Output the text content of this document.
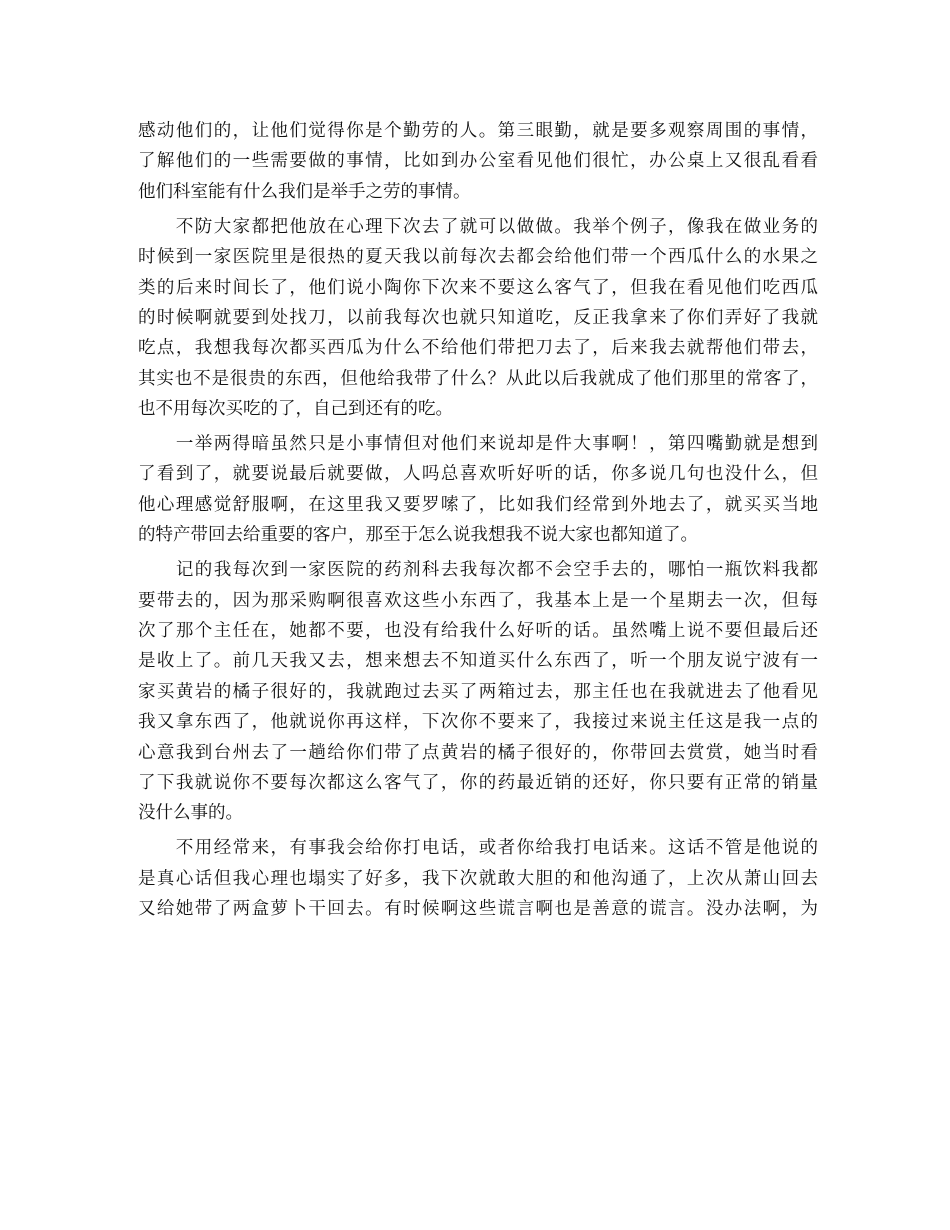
感动他们的，让他们觉得你是个勤劳的人。第三眼勤，就是要多观察周围的事情，
了解他们的一些需要做的事情，比如到办公室看见他们很忙，办公桌上又很乱看看
他们科室能有什么我们是举手之劳的事情。
　　不防大家都把他放在心理下次去了就可以做做。我举个例子，像我在做业务的
时候到一家医院里是很热的夏天我以前每次去都会给他们带一个西瓜什么的水果之
类的后来时间长了，他们说小陶你下次来不要这么客气了，但我在看见他们吃西瓜
的时候啊就要到处找刀，以前我每次也就只知道吃，反正我拿来了你们弄好了我就
吃点，我想我每次都买西瓜为什么不给他们带把刀去了，后来我去就帮他们带去，
其实也不是很贵的东西，但他给我带了什么？从此以后我就成了他们那里的常客了，
也不用每次买吃的了，自己到还有的吃。
　　一举两得暗虽然只是小事情但对他们来说却是件大事啊！，第四嘴勤就是想到
了看到了，就要说最后就要做，人吗总喜欢听好听的话，你多说几句也没什么，但
他心理感觉舒服啊，在这里我又要罗嗦了，比如我们经常到外地去了，就买买当地
的特产带回去给重要的客户，那至于怎么说我想我不说大家也都知道了。
　　记的我每次到一家医院的药剂科去我每次都不会空手去的，哪怕一瓶饮料我都
要带去的，因为那采购啊很喜欢这些小东西了，我基本上是一个星期去一次，但每
次了那个主任在，她都不要，也没有给我什么好听的话。虽然嘴上说不要但最后还
是收上了。前几天我又去，想来想去不知道买什么东西了，听一个朋友说宁波有一
家买黄岩的橘子很好的，我就跑过去买了两箱过去，那主任也在我就进去了他看见
我又拿东西了，他就说你再这样，下次你不要来了，我接过来说主任这是我一点的
心意我到台州去了一趟给你们带了点黄岩的橘子很好的，你带回去赏赏，她当时看
了下我就说你不要每次都这么客气了，你的药最近销的还好，你只要有正常的销量
没什么事的。
　　不用经常来，有事我会给你打电话，或者你给我打电话来。这话不管是他说的
是真心话但我心理也塌实了好多，我下次就敢大胆的和他沟通了，上次从萧山回去
又给她带了两盒萝卜干回去。有时候啊这些谎言啊也是善意的谎言。没办法啊，为
